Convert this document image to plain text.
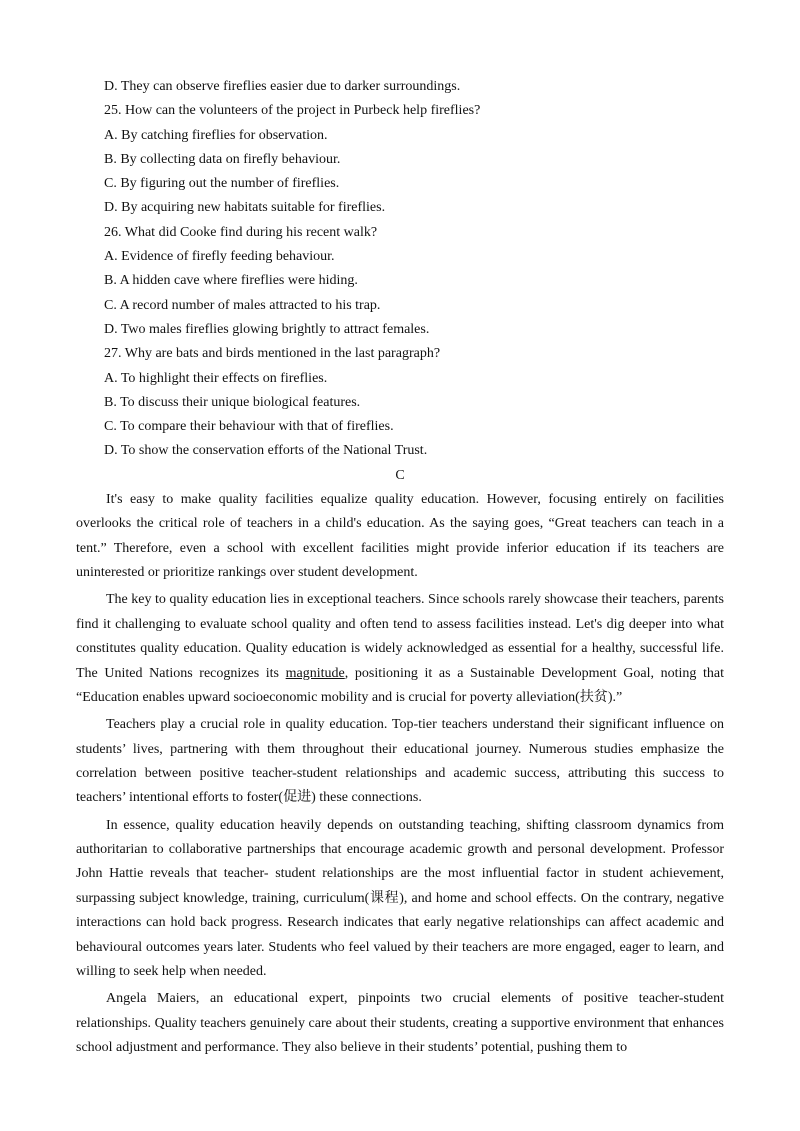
D. They can observe fireflies easier due to darker surroundings.
25. How can the volunteers of the project in Purbeck help fireflies?
A. By catching fireflies for observation.
B. By collecting data on firefly behaviour.
C. By figuring out the number of fireflies.
D. By acquiring new habitats suitable for fireflies.
26. What did Cooke find during his recent walk?
A. Evidence of firefly feeding behaviour.
B. A hidden cave where fireflies were hiding.
C. A record number of males attracted to his trap.
D. Two males fireflies glowing brightly to attract females.
27. Why are bats and birds mentioned in the last paragraph?
A. To highlight their effects on fireflies.
B. To discuss their unique biological features.
C. To compare their behaviour with that of fireflies.
D. To show the conservation efforts of the National Trust.
C

It's easy to make quality facilities equalize quality education. However, focusing entirely on facilities overlooks the critical role of teachers in a child's education. As the saying goes, “Great teachers can teach in a tent.” Therefore, even a school with excellent facilities might provide inferior education if its teachers are uninterested or prioritize rankings over student development.

The key to quality education lies in exceptional teachers. Since schools rarely showcase their teachers, parents find it challenging to evaluate school quality and often tend to assess facilities instead. Let's dig deeper into what constitutes quality education. Quality education is widely acknowledged as essential for a healthy, successful life. The United Nations recognizes its magnitude, positioning it as a Sustainable Development Goal, noting that “Education enables upward socioeconomic mobility and is crucial for poverty alleviation(扶贫).”

Teachers play a crucial role in quality education. Top-tier teachers understand their significant influence on students’ lives, partnering with them throughout their educational journey. Numerous studies emphasize the correlation between positive teacher-student relationships and academic success, attributing this success to teachers’ intentional efforts to foster(促进) these connections.

In essence, quality education heavily depends on outstanding teaching, shifting classroom dynamics from authoritarian to collaborative partnerships that encourage academic growth and personal development. Professor John Hattie reveals that teacher- student relationships are the most influential factor in student achievement, surpassing subject knowledge, training, curriculum(课程), and home and school effects. On the contrary, negative interactions can hold back progress. Research indicates that early negative relationships can affect academic and behavioural outcomes years later. Students who feel valued by their teachers are more engaged, eager to learn, and willing to seek help when needed.

Angela Maiers, an educational expert, pinpoints two crucial elements of positive teacher-student relationships. Quality teachers genuinely care about their students, creating a supportive environment that enhances school adjustment and performance. They also believe in their students’ potential, pushing them to
